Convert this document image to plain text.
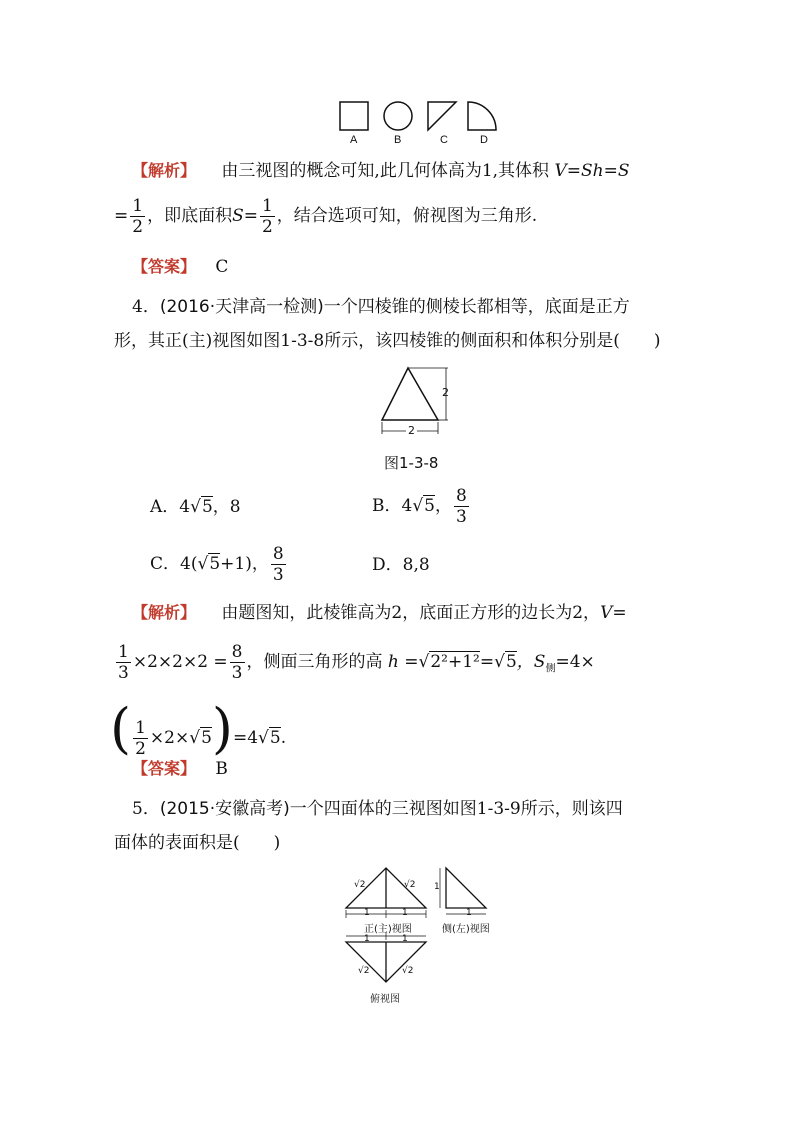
A	B	C	D
【解析】 由三视图的概念可知,此几何体高为1,其体积 V=Sh=S
= $\frac{1}{2}$ ，即底面积$S= \frac{1}{2}$ ，结合选项可知，俯视图为三角形.
【答案】 C
4．(2016·天津高一检测)一个四棱锥的侧棱长都相等，底面是正方
形，其正(主)视图如图1-3-8所示，该四棱锥的侧面积和体积分别是(　　)
2
2
图1-3-8
A．4√5，8	B．4√5， $\frac{8}{3}$
C．4(√5+1)， $\frac{8}{3}$	D．8,8
【解析】 由题图知，此棱锥高为2，底面正方形的边长为2，V=
$\frac{1}{3} \times 2\times 2\times 2 = \frac{8}{3}$ ，侧面三角形的高 h =√2²+1²=√5，$S_侧=4\times$
( $\frac{1}{2} \times 2\times√5)=4√5$.
【答案】 B
5．(2015·安徽高考)一个四面体的三视图如图1-3-9所示，则该四
面体的表面积是(　　)
√2	√2
1	1
正(主)视图
1
1
侧(左)视图
1	1
√2	√2
俯视图
